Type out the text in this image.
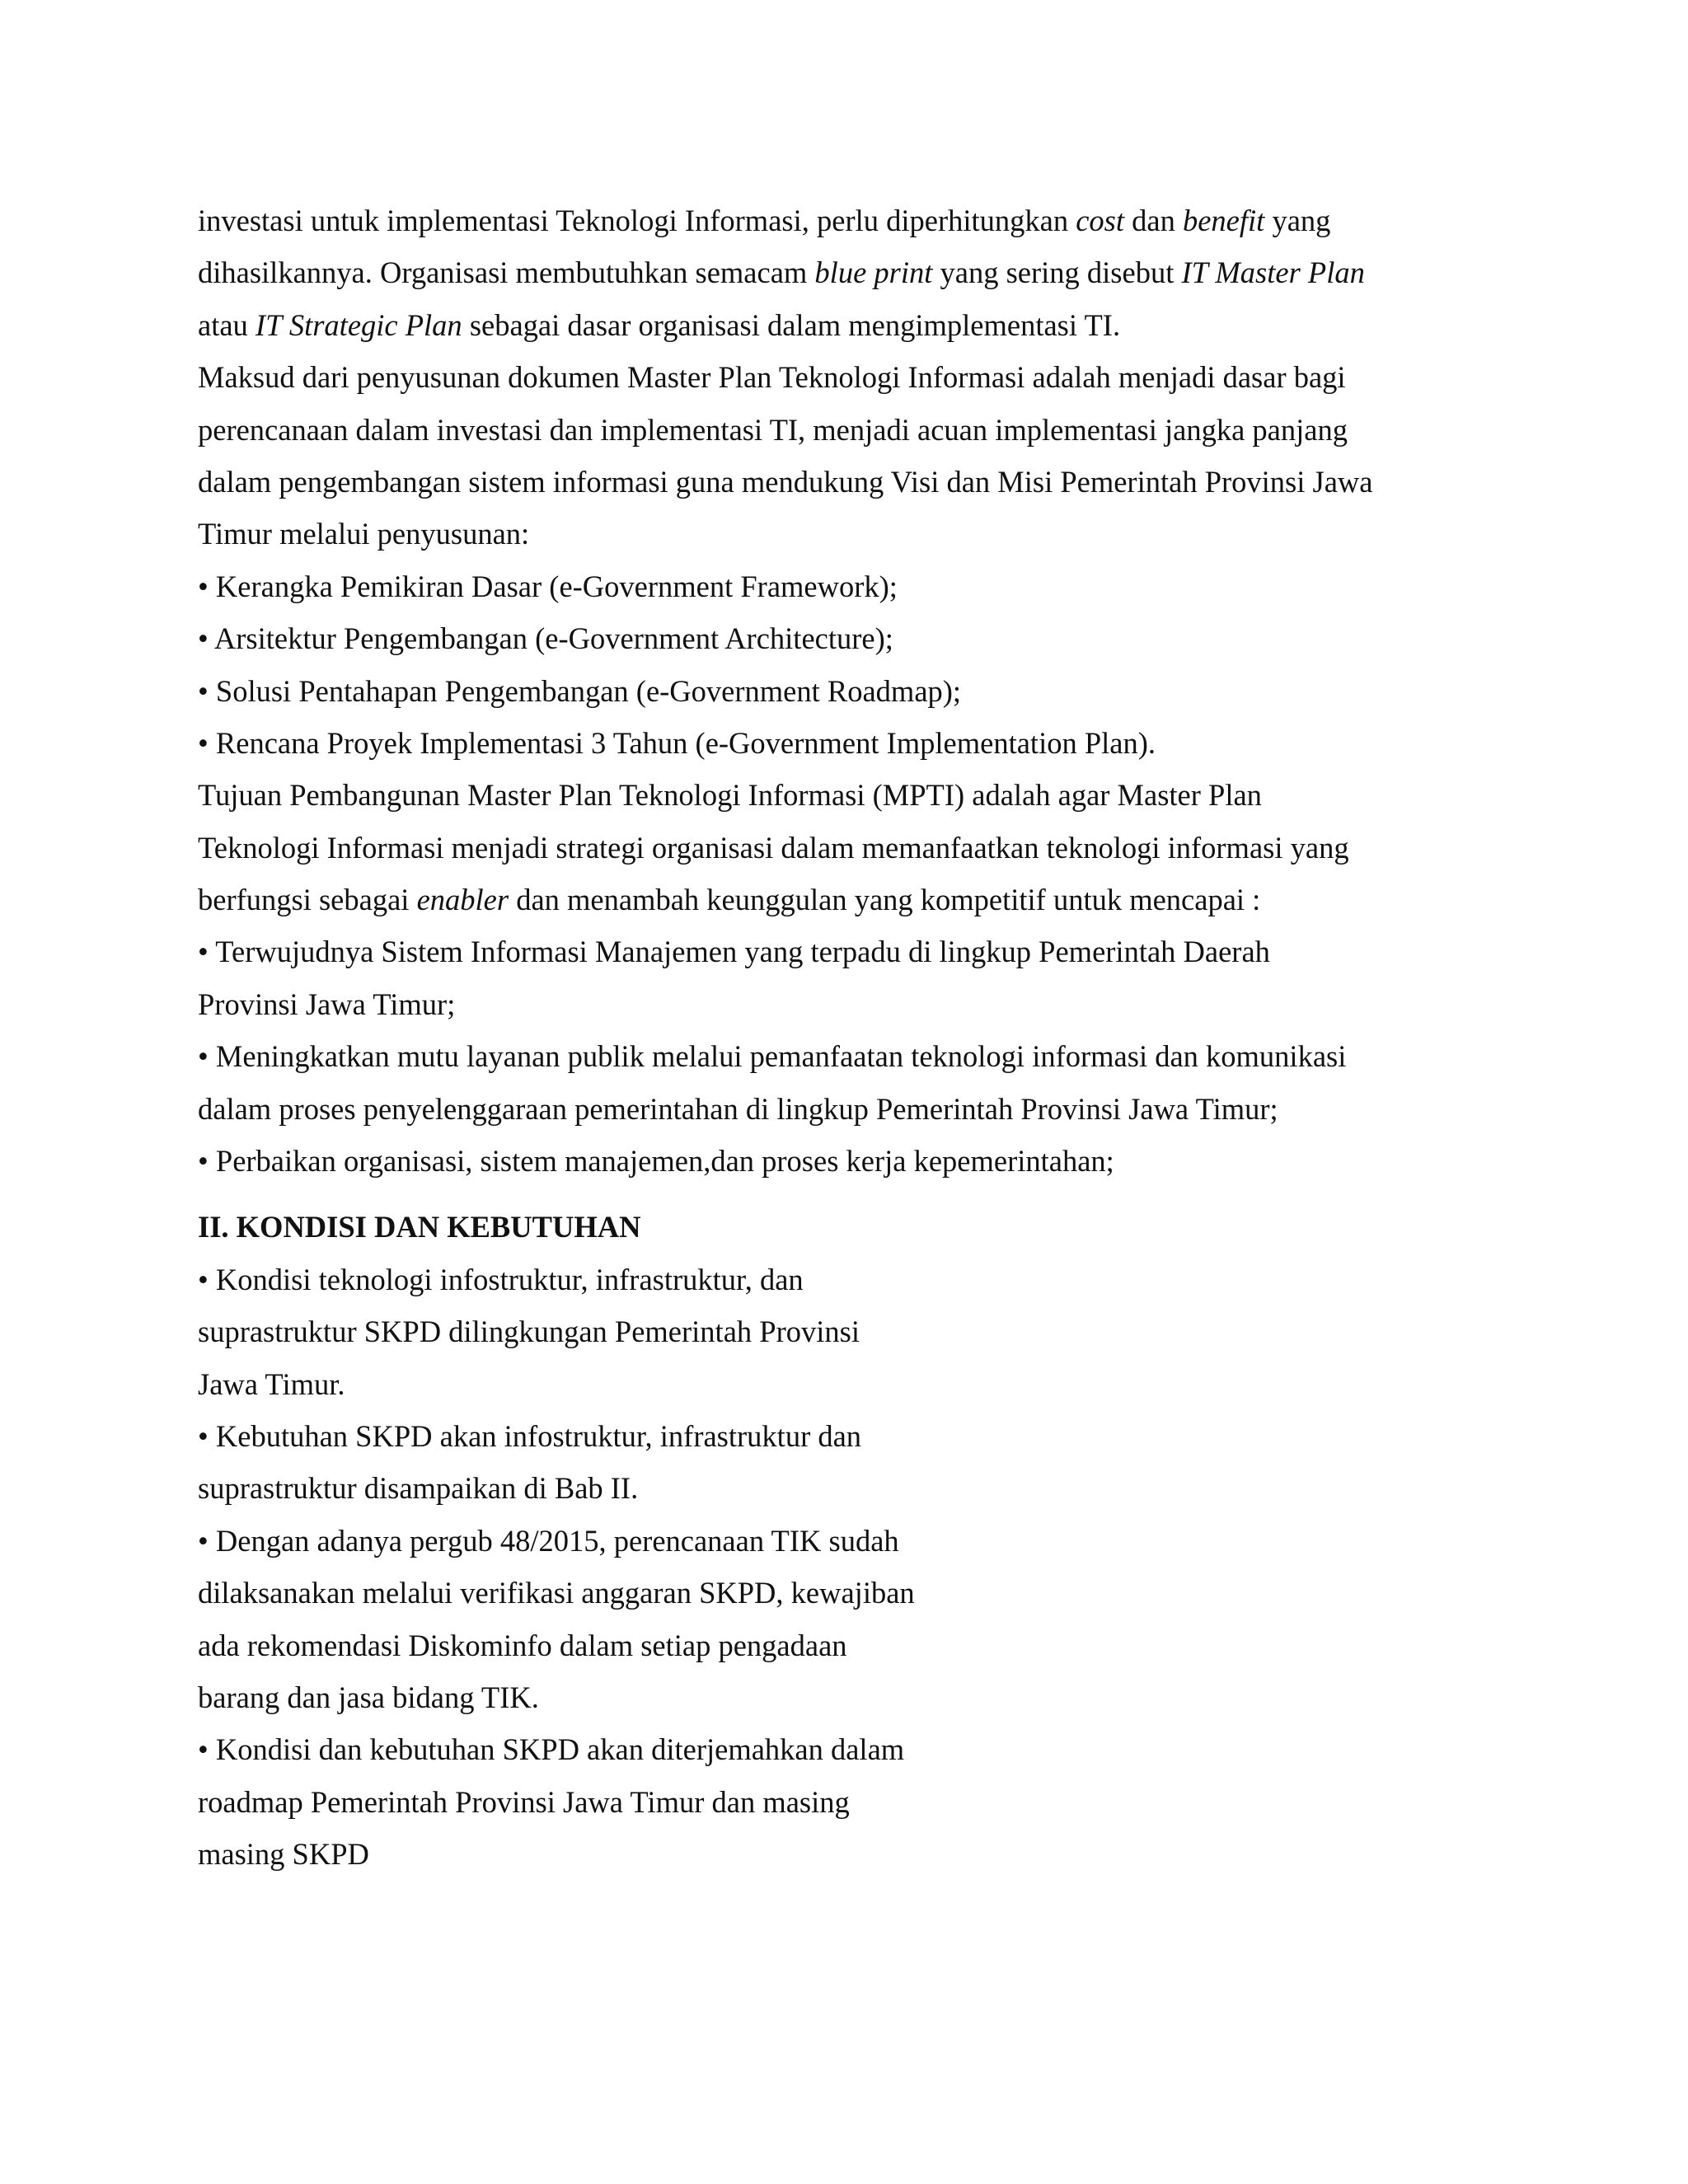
investasi untuk implementasi Teknologi Informasi, perlu diperhitungkan cost dan benefit yang
dihasilkannya. Organisasi membutuhkan semacam blue print yang sering disebut IT Master Plan
atau IT Strategic Plan sebagai dasar organisasi dalam mengimplementasi TI.
Maksud dari penyusunan dokumen Master Plan Teknologi Informasi adalah menjadi dasar bagi
perencanaan dalam investasi dan implementasi TI, menjadi acuan implementasi jangka panjang
dalam pengembangan sistem informasi guna mendukung Visi dan Misi Pemerintah Provinsi Jawa
Timur melalui penyusunan:
• Kerangka Pemikiran Dasar (e-Government Framework);
• Arsitektur Pengembangan (e-Government Architecture);
• Solusi Pentahapan Pengembangan (e-Government Roadmap);
• Rencana Proyek Implementasi 3 Tahun (e-Government Implementation Plan).
Tujuan Pembangunan Master Plan Teknologi Informasi (MPTI) adalah agar Master Plan
Teknologi Informasi menjadi strategi organisasi dalam memanfaatkan teknologi informasi yang
berfungsi sebagai enabler dan menambah keunggulan yang kompetitif untuk mencapai :
• Terwujudnya Sistem Informasi Manajemen yang terpadu di lingkup Pemerintah Daerah
Provinsi Jawa Timur;
• Meningkatkan mutu layanan publik melalui pemanfaatan teknologi informasi dan komunikasi
dalam proses penyelenggaraan pemerintahan di lingkup Pemerintah Provinsi Jawa Timur;
• Perbaikan organisasi, sistem manajemen,dan proses kerja kepemerintahan;
II. KONDISI DAN KEBUTUHAN
• Kondisi teknologi infostruktur, infrastruktur, dan
suprastruktur SKPD dilingkungan Pemerintah Provinsi
Jawa Timur.
• Kebutuhan SKPD akan infostruktur, infrastruktur dan
suprastruktur disampaikan di Bab II.
• Dengan adanya pergub 48/2015, perencanaan TIK sudah
dilaksanakan melalui verifikasi anggaran SKPD, kewajiban
ada rekomendasi Diskominfo dalam setiap pengadaan
barang dan jasa bidang TIK.
• Kondisi dan kebutuhan SKPD akan diterjemahkan dalam
roadmap Pemerintah Provinsi Jawa Timur dan masing
masing SKPD
